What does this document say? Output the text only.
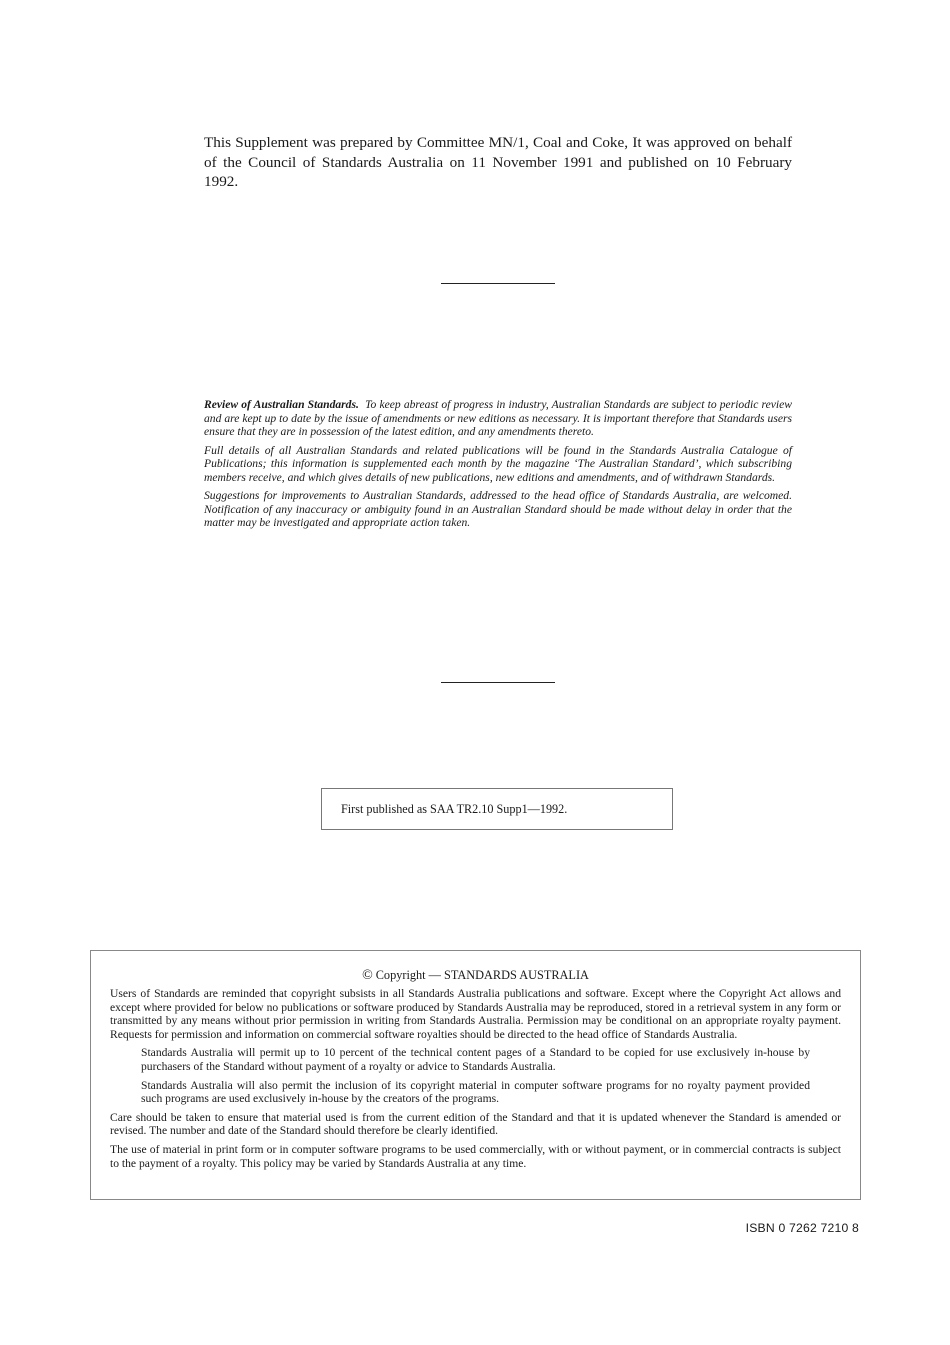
This Supplement was prepared by Committee MN/1, Coal and Coke, It was approved on behalf of the Council of Standards Australia on 11 November 1991 and published on 10 February 1992.

Review of Australian Standards. To keep abreast of progress in industry, Australian Standards are subject to periodic review and are kept up to date by the issue of amendments or new editions as necessary. It is important therefore that Standards users ensure that they are in possession of the latest edition, and any amendments thereto.

Full details of all Australian Standards and related publications will be found in the Standards Australia Catalogue of Publications; this information is supplemented each month by the magazine ‘The Australian Standard’, which subscribing members receive, and which gives details of new publications, new editions and amendments, and of withdrawn Standards.

Suggestions for improvements to Australian Standards, addressed to the head office of Standards Australia, are welcomed. Notification of any inaccuracy or ambiguity found in an Australian Standard should be made without delay in order that the matter may be investigated and appropriate action taken.

First published as SAA TR2.10 Supp1—1992.
© Copyright — STANDARDS AUSTRALIA

Users of Standards are reminded that copyright subsists in all Standards Australia publications and software. Except where the Copyright Act allows and except where provided for below no publications or software produced by Standards Australia may be reproduced, stored in a retrieval system in any form or transmitted by any means without prior permission in writing from Standards Australia. Permission may be conditional on an appropriate royalty payment. Requests for permission and information on commercial software royalties should be directed to the head office of Standards Australia.

Standards Australia will permit up to 10 percent of the technical content pages of a Standard to be copied for use exclusively in-house by purchasers of the Standard without payment of a royalty or advice to Standards Australia.

Standards Australia will also permit the inclusion of its copyright material in computer software programs for no royalty payment provided such programs are used exclusively in-house by the creators of the programs.

Care should be taken to ensure that material used is from the current edition of the Standard and that it is updated whenever the Standard is amended or revised. The number and date of the Standard should therefore be clearly identified.

The use of material in print form or in computer software programs to be used commercially, with or without payment, or in commercial contracts is subject to the payment of a royalty. This policy may be varied by Standards Australia at any time.

ISBN 0 7262 7210 8
